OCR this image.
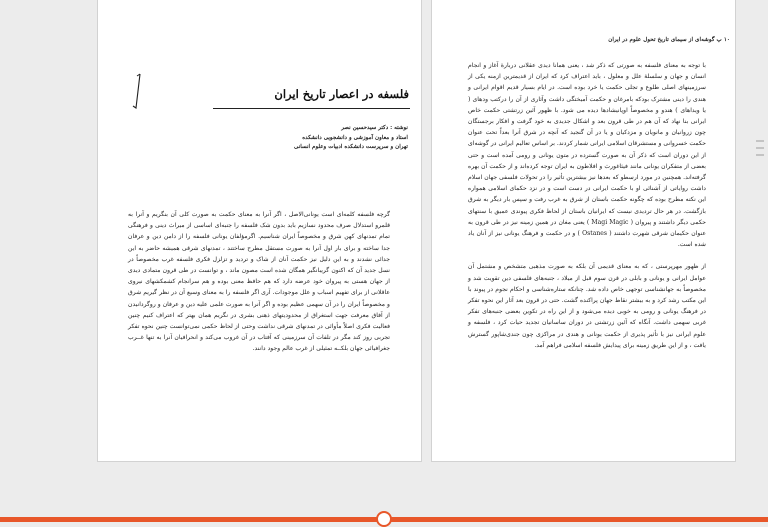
فلسفه در اعصار تاریخ ایران
نوشته : دکتر سیدحسین نصر
استاد و معاون آموزشی و دانشجویی دانشکده
تهران و سرپرست دانشکده ادبیات وعلوم انسانی

گرچه فلسفه کلمه‌ای است یونانی‌الاصل ، اگر آنرا به معنای حکمت به صورت کلی آن بنگریم و آنرا به قلمرو استدلال صرف محدود نسازیم باید بدون شک فلسفه را جنبه‌ای اساسی از میراث دینی و فرهنگی تمام تمدنهای کهن شرق و مخصوصاً ایران شناسیم. اگرمؤلفان یونانی فلسفه را از دامن دین و عرفان جدا ساخته و برای بار اول آنرا به صورت مستقل مطرح ساختند ، تمدنهای شرقی همیشه حاضر به این جدائی نشدند و به این دلیل نیز حکمت آنان از شاک و تردید و تزلزل فکری فلسفه غرب مخصوصاً در نسل جدید آن که اکنون گریبانگیر همگان شده است مصون ماند ، و توانست در طی قرون متمادی دیدی از جهان هستی به پیروان خود عرضه دارد که هم حافظ معنی بوده و هم سرانجام کشمکشهای نیروی عاقلانی از برای تفهیم اسباب و علل موجودات. آری اگر فلسفه را به معنای وسیع آن در نظر گیریم شرق و مخصوصاً ایران را در آن سهمی عظیم بوده و اگر آنرا به صورت علمی علیه دین و عرفان و روگردانیدن از آفاق معرفت جهت استغراق از محدودیتهای ذهنی بشری در نگریم همان بهتر که اعتراف کنیم چنین فعالیت فکری اصلاً مأوائی در تمدنهای شرقی نداشت وحتی از لحاظ حکمی نمی‌توانست چنین نحوه تفکر تجربی روز کند مگر در تلفات آن سرزمینی که آفتاب در آن غروب می‌کند و انحرافیان آنرا به تنها غــرب جغرافیائی جهان بلکــه تمثیلی از غرب عالم وجود دانند.

۱۰ پ گوشه‌ای از سیمای تاریخ تحول علوم در ایران

با توجه به معنای فلسفه به صورتی که ذکر شد ، یعنی همانا دیدی عقلانی دربارهٔ آغاز و انجام انسان و جهان و سلسلهٔ علل و معلول ، باید اعتراف کرد که ایران از قدیمترین ازمنه یکی از سرزمینهای اصلی طلوع و تجلی حکمت یا خرد بوده است. در ایام بسیار قدیم اقوام ایرانی و هندی را دینی مشترک بودکه بامرغان و حکمت آمیختگی داشت وآثاری از آن را درکتب ودهای ( یا ویداهای ) هندو و مخصوصاً اوپانیشادها دیده می شود. با ظهور آئین زرتشتی حکمت خاص ایرانی بنا نهاد که آن هم در طی قرون بعد و اشکال جدیدی به خود گرفت و افکار برجستگان چون زروانیان و مانویان و مزدکیان و یا در آن گنجید که آنچه در شرق آنرا بعداً تحت عنوان حکمت خسروانی و مستشرقان اسلامی ایرانی شمار کردند. بر اساس تعالیم ایرانی در گوشه‌ای از این دوران است که ذکر آن به صورت گسترده در متون یونانی و رومی آمده است و حتی بعضی از متفکران یونانی مانند فیثاغورث و افلاطون به ایران توجه کرده‌اند و از حکمت آن بهره گرفته‌اند. همچنین در مورد ارسطو که بعدها نیز بیشترین تأثیر را در تحولات فلسفی جهان اسلام داشت روایاتی از آشنائی او با حکمت ایرانی در دست است و در نزد حکمای اسلامی همواره این نکته مطرح بوده که چگونه حکمت باستان از شرق به غرب رفت و سپس بار دیگر به شرق بازگشت. در هر حال تردیدی نیست که ایرانیان باستان از لحاظ فکری پیوندی عمیق با سنتهای حکمی دیگر داشتند و پیروان ( Magi Magic ) یعنی مغان در همین زمینه نیز در طی قرون به عنوان حکیمان شرقی شهرت داشتند ( Ostanes ) و در حکمت و فرهنگ یونانی نیز از آنان یاد شده است.

از ظهور مهرپرستی ، که به معنای قدیمی آن بلکه به صورت مذهبی متشخص و مشتمل آن عوامل ایرانی و یونانی و بابلی در قرن سوم قبل از میلاد ، جنبه‌های فلسفی دین تقویت شد و مخصوصاً به جهانشناسی توجهی خاص داده شد. چنانکه ستاره‌شناسی و احکام نجوم در پیوند با این مکتب رشد کرد و به بیشتر نقاط جهان پراکنده گشت. حتی در قرون بعد آثار این نحوه تفکر در فرهنگ یونانی و رومی به خوبی دیده می‌شود و از این راه در تکوین بعضی جنبه‌های تفکر غربی سهمی داشت. آنگاه که آئین زرتشتی در دوران ساسانیان تجدید حیات کرد ، فلسفه و علوم ایرانی نیز با تأثیر پذیری از حکمت یونانی و هندی در مراکزی چون جندی‌شاپور گسترش یافت ، و از این طریق زمینه برای پیدایش فلسفه اسلامی فراهم آمد.
